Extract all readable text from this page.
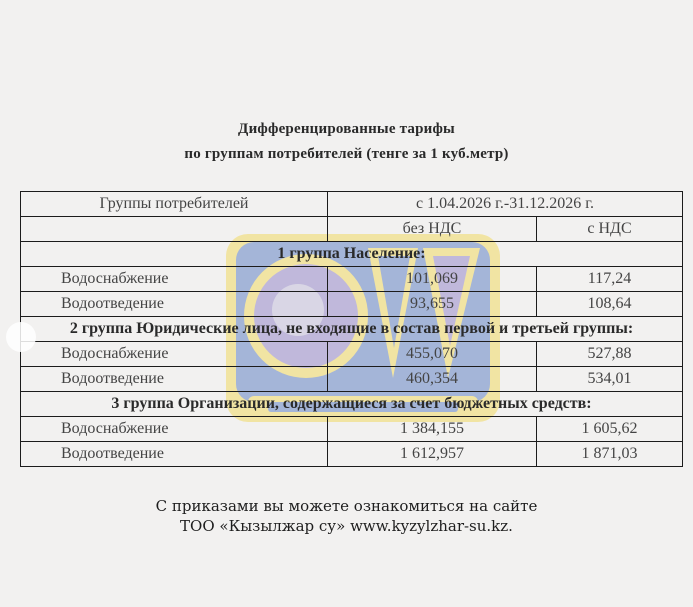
Дифференцированные тарифы
по группам потребителей (тенге за 1 куб.метр)
Группы потребителей	с 1.04.2026 г.-31.12.2026 г.	
	без НДС	с НДС
1 группа Население:		
Водоснабжение	101,069	117,24
Водоотведение	93,655	108,64
2 группа Юридические лица, не входящие в состав первой и третьей группы:		
Водоснабжение	455,070	527,88
Водоотведение	460,354	534,01
3 группа Организации, содержащиеся за счет бюджетных средств:		
Водоснабжение	1 384,155	1 605,62
Водоотведение	1 612,957	1 871,03
С приказами вы можете ознакомиться на сайте
ТОО «Кызылжар су» www.kyzylzhar-su.kz.
